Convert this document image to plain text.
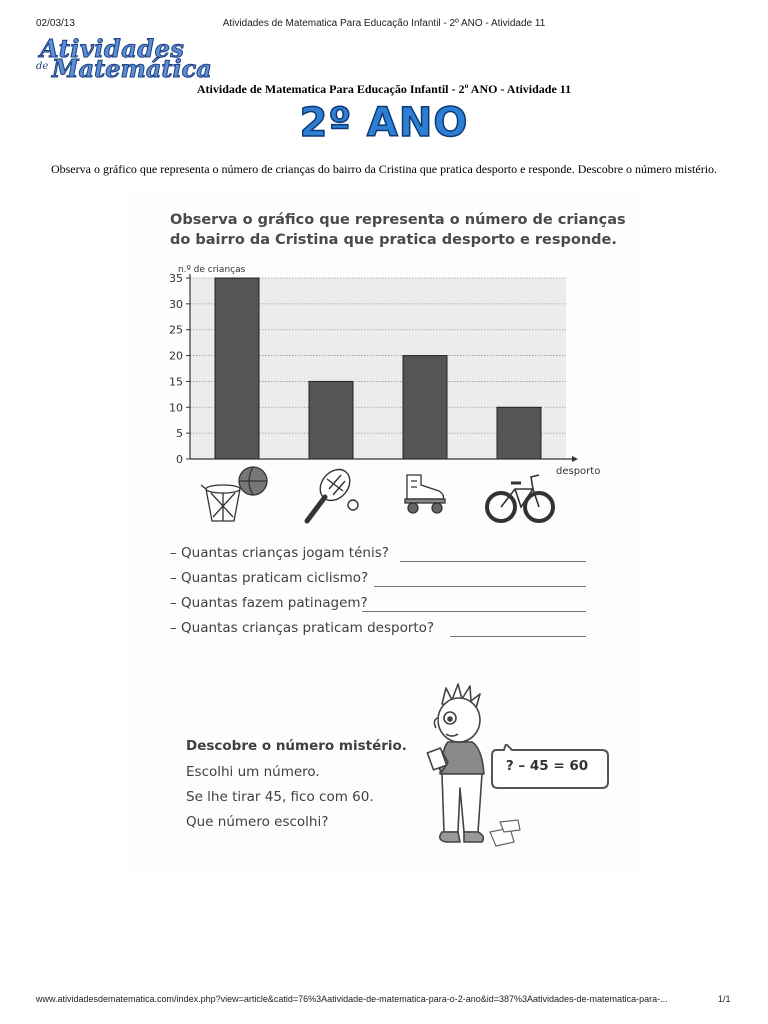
02/03/13	Atividades de Matematica Para Educação Infantil - 2º ANO - Atividade 11
Atividades
de Matemática
Atividade de Matematica Para Educação Infantil - 2º ANO - Atividade 11
2º ANO
Observa o gráfico que representa o número de crianças do bairro da Cristina que pratica desporto e responde. Descobre o número mistério.
Observa o gráfico que representa o número de crianças do bairro da Cristina que pratica desporto e responde.
0
5
10
15
20
25
30
35
n.º de crianças
desporto
– Quantas crianças jogam ténis?
– Quantas praticam ciclismo?
– Quantas fazem patinagem?
– Quantas crianças praticam desporto?
Descobre o número mistério.
Escolhi um número.
Se lhe tirar 45, fico com 60.
Que número escolhi?
? – 45 = 60
www.atividadesdematematica.com/index.php?view=article&catid=76%3Aatividade-de-matematica-para-o-2-ano&id=387%3Aatividades-de-matematica-para-...	1/1
